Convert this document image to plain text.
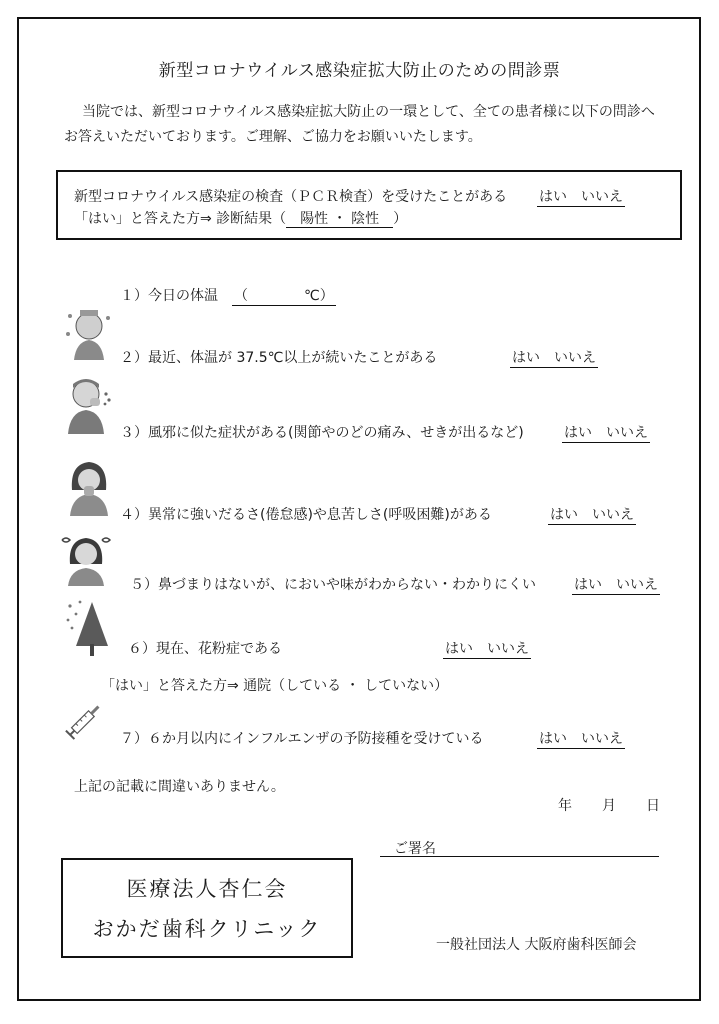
新型コロナウイルス感染症拡大防止のための問診票
当院では、新型コロナウイルス感染症拡大防止の一環として、全ての患者様に以下の問診へ
お答えいただいております。ご理解、ご協力をお願いいたします。
新型コロナウイルス感染症の検査（ＰＣＲ検査）を受けたことがある はい　いいえ
「はい」と答えた方⇒ 診断結果（ 陽性 ・ 陰性 ）
１）今日の体温 （　　　　℃）
２）最近、体温が 37.5℃以上が続いたことがある	はい　いいえ
３）風邪に似た症状がある(関節やのどの痛み、せきが出るなど)	はい　いいえ
４）異常に強いだるさ(倦怠感)や息苦しさ(呼吸困難)がある	はい　いいえ
５）鼻づまりはないが、においや味がわからない・わかりにくい	はい　いいえ
６）現在、花粉症である	はい　いいえ
「はい」と答えた方⇒ 通院（している ・ していない）
７）６か月以内にインフルエンザの予防接種を受けている	はい　いいえ
上記の記載に間違いありません。
年 月 日
ご署名
医療法人杏仁会
おかだ歯科クリニック
一般社団法人 大阪府歯科医師会
